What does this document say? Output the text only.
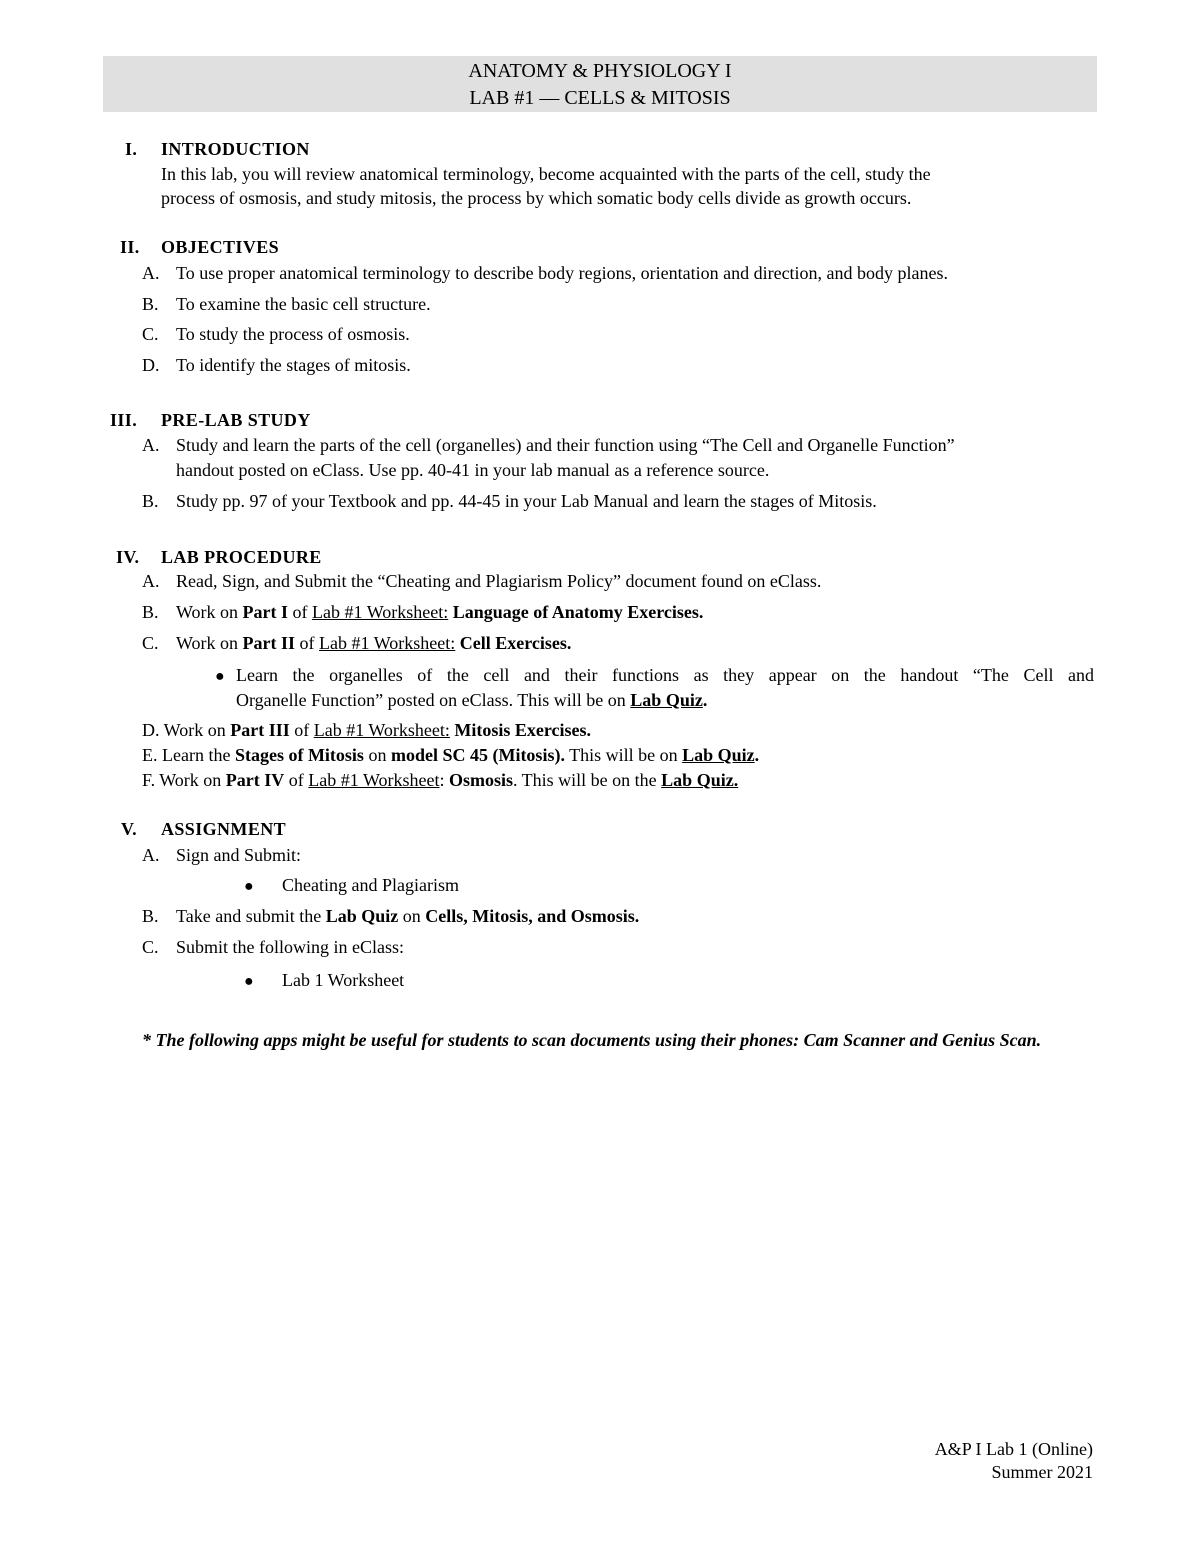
ANATOMY & PHYSIOLOGY I
LAB #1 — CELLS & MITOSIS
I. INTRODUCTION
In this lab, you will review anatomical terminology, become acquainted with the parts of the cell, study the
process of osmosis, and study mitosis, the process by which somatic body cells divide as growth occurs.
II. OBJECTIVES
A. To use proper anatomical terminology to describe body regions, orientation and direction, and body planes.
B. To examine the basic cell structure.
C. To study the process of osmosis.
D. To identify the stages of mitosis.
III. PRE-LAB STUDY
A. Study and learn the parts of the cell (organelles) and their function using “The Cell and Organelle Function”
handout posted on eClass. Use pp. 40-41 in your lab manual as a reference source.
B. Study pp. 97 of your Textbook and pp. 44-45 in your Lab Manual and learn the stages of Mitosis.
IV. LAB PROCEDURE
A. Read, Sign, and Submit the “Cheating and Plagiarism Policy” document found on eClass.
B. Work on Part I of Lab #1 Worksheet: Language of Anatomy Exercises.
C. Work on Part II of Lab #1 Worksheet: Cell Exercises.
● Learn the organelles of the cell and their functions as they appear on the handout “The Cell and
Organelle Function” posted on eClass. This will be on Lab Quiz.
D. Work on Part III of Lab #1 Worksheet: Mitosis Exercises.
E. Learn the Stages of Mitosis on model SC 45 (Mitosis). This will be on Lab Quiz.
F. Work on Part IV of Lab #1 Worksheet: Osmosis. This will be on the Lab Quiz.
V. ASSIGNMENT
A. Sign and Submit:
● Cheating and Plagiarism
B. Take and submit the Lab Quiz on Cells, Mitosis, and Osmosis.
C. Submit the following in eClass:
● Lab 1 Worksheet
* The following apps might be useful for students to scan documents using their phones: Cam Scanner and Genius Scan.
A&P I Lab 1 (Online)
Summer 2021
